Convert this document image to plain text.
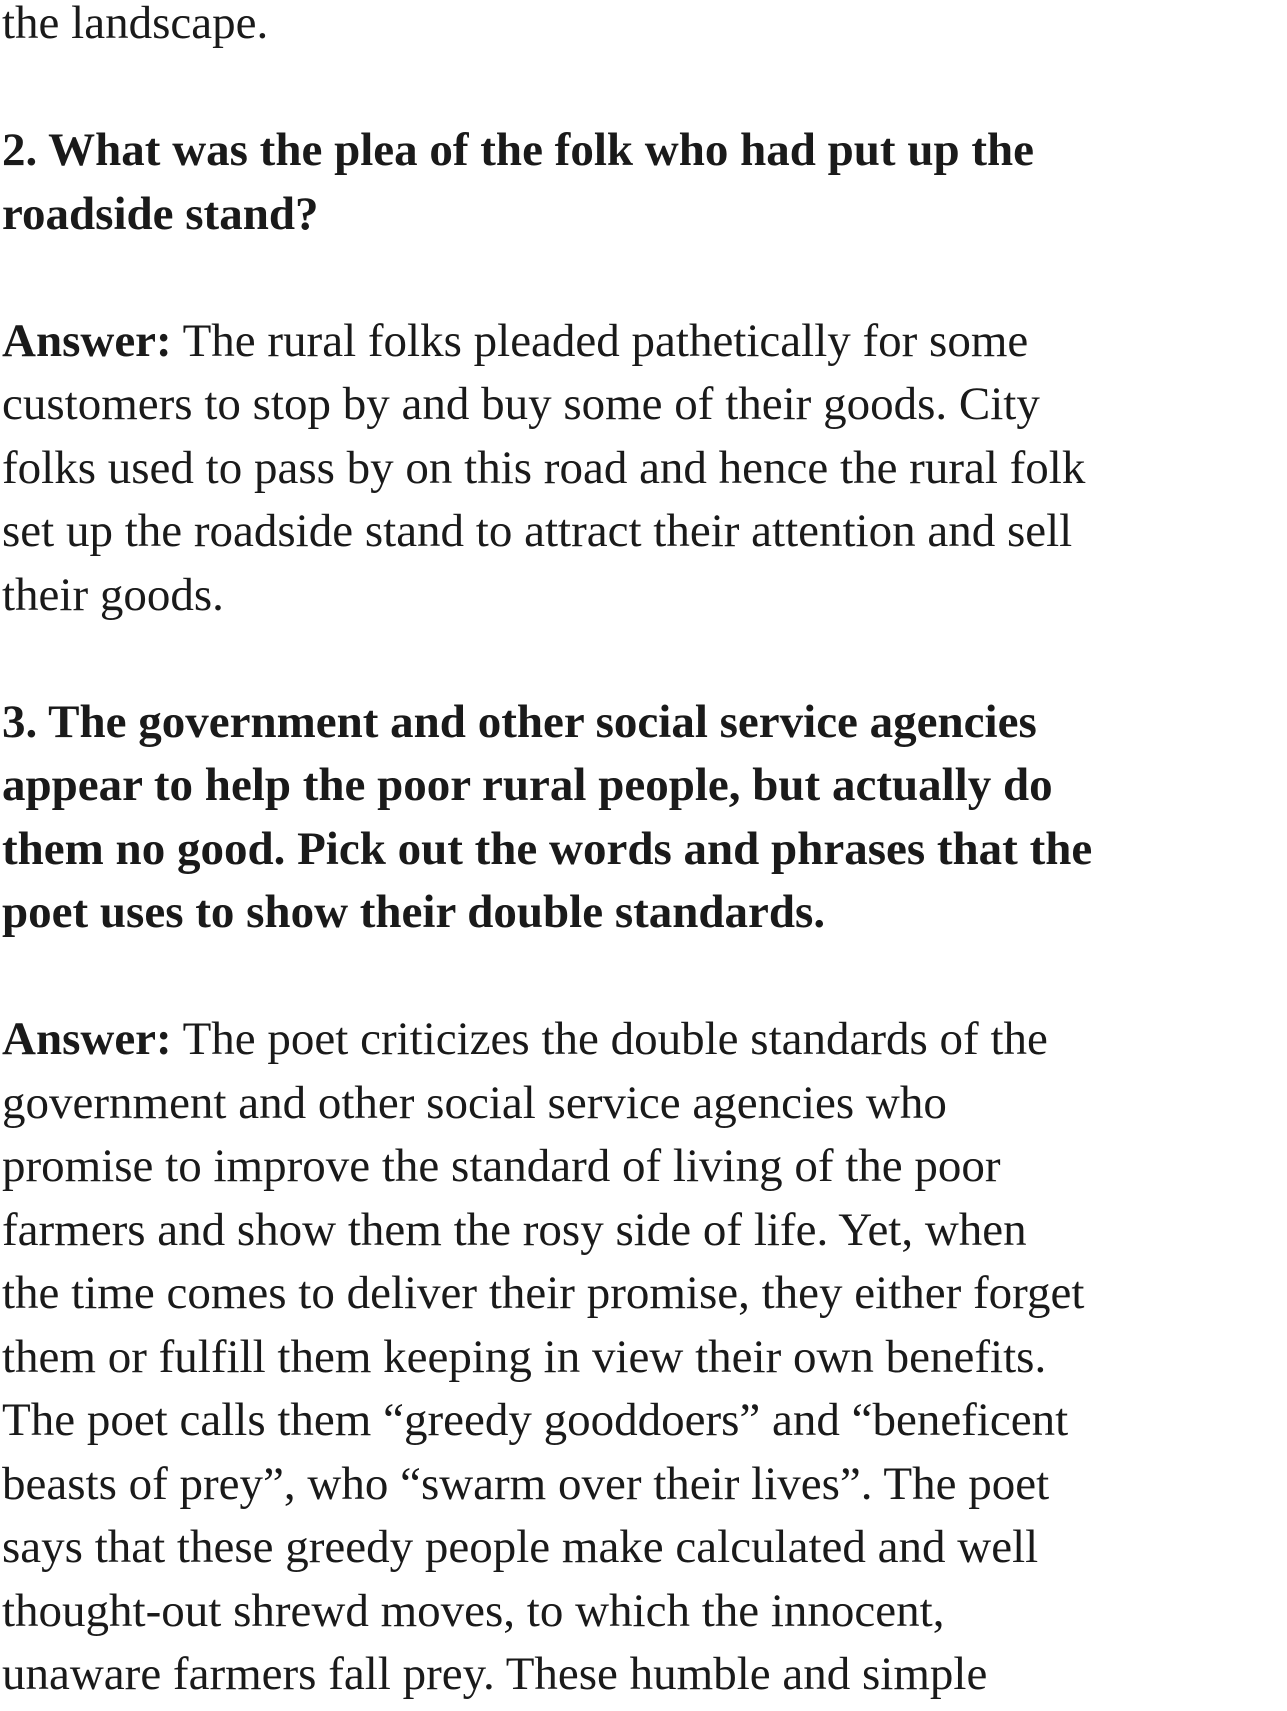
the landscape.
2. What was the plea of the folk who had put up the
roadside stand?
Answer: The rural folks pleaded pathetically for some
customers to stop by and buy some of their goods. City
folks used to pass by on this road and hence the rural folk
set up the roadside stand to attract their attention and sell
their goods.
3. The government and other social service agencies
appear to help the poor rural people, but actually do
them no good. Pick out the words and phrases that the
poet uses to show their double standards.
Answer: The poet criticizes the double standards of the
government and other social service agencies who
promise to improve the standard of living of the poor
farmers and show them the rosy side of life. Yet, when
the time comes to deliver their promise, they either forget
them or fulfill them keeping in view their own benefits.
The poet calls them “greedy gooddoers” and “beneficent
beasts of prey”, who “swarm over their lives”. The poet
says that these greedy people make calculated and well
thought-out shrewd moves, to which the innocent,
unaware farmers fall prey. These humble and simple
